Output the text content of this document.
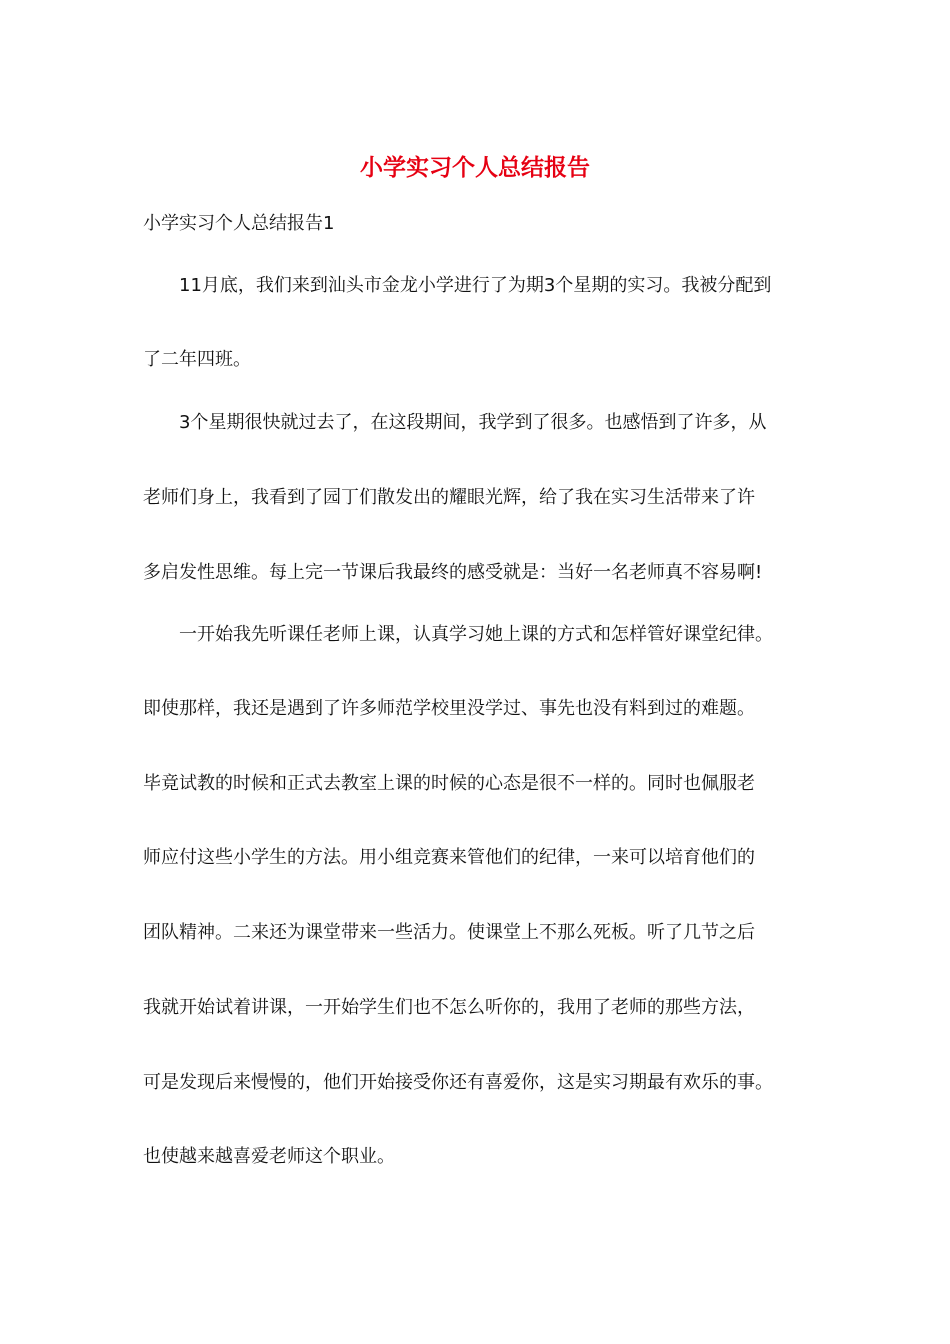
小学实习个人总结报告

小学实习个人总结报告1

　　11月底，我们来到汕头市金龙小学进行了为期3个星期的实习。我被分配到

了二年四班。

　　3个星期很快就过去了，在这段期间，我学到了很多。也感悟到了许多，从

老师们身上，我看到了园丁们散发出的耀眼光辉，给了我在实习生活带来了许

多启发性思维。每上完一节课后我最终的感受就是：当好一名老师真不容易啊!

　　一开始我先听课任老师上课，认真学习她上课的方式和怎样管好课堂纪律。

即使那样，我还是遇到了许多师范学校里没学过、事先也没有料到过的难题。

毕竟试教的时候和正式去教室上课的时候的心态是很不一样的。同时也佩服老

师应付这些小学生的方法。用小组竞赛来管他们的纪律，一来可以培育他们的

团队精神。二来还为课堂带来一些活力。使课堂上不那么死板。听了几节之后

我就开始试着讲课，一开始学生们也不怎么听你的，我用了老师的那些方法，

可是发现后来慢慢的，他们开始接受你还有喜爱你，这是实习期最有欢乐的事。

也使越来越喜爱老师这个职业。
